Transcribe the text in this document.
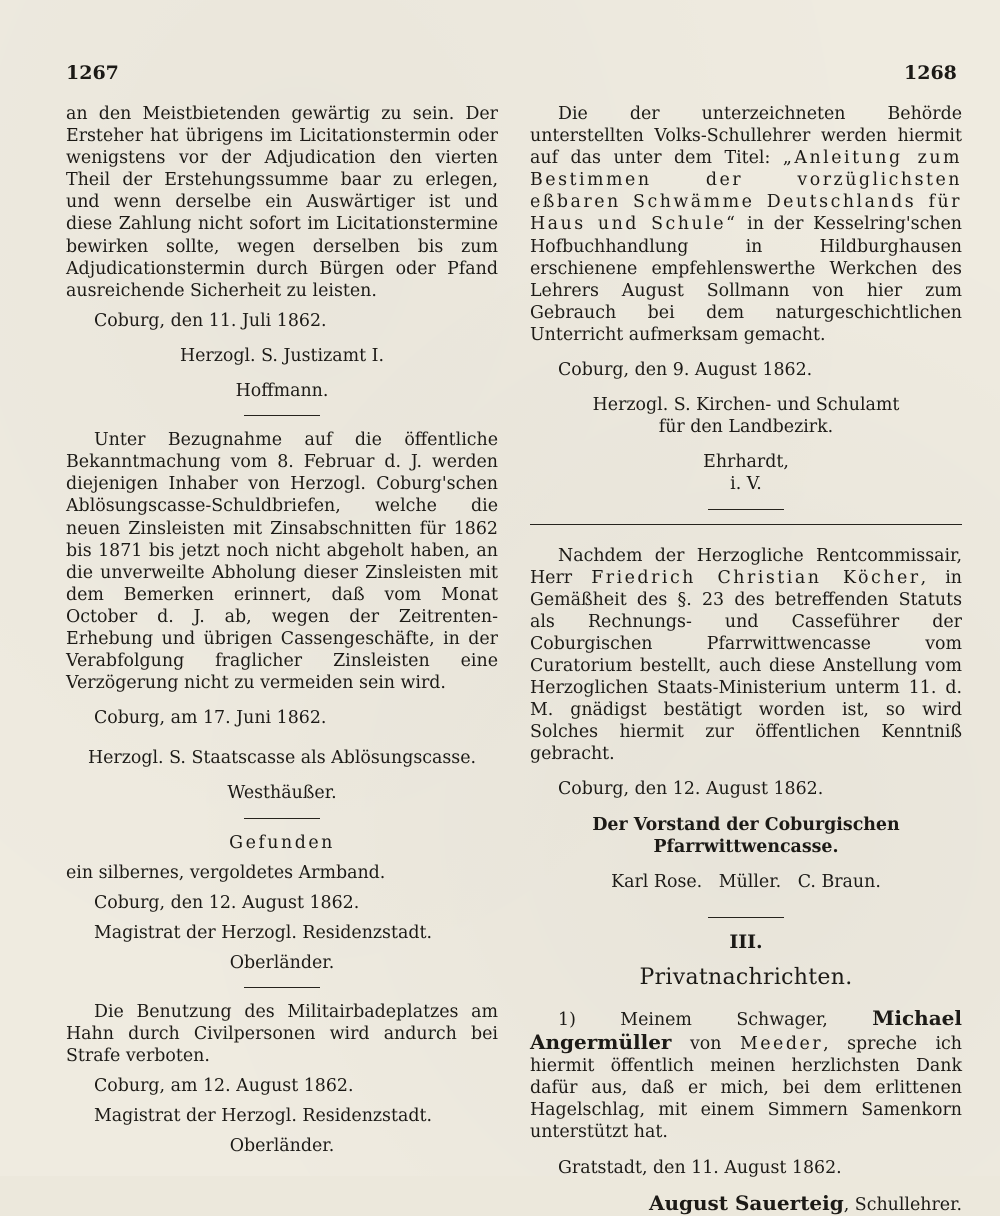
1267	1268

an den Meistbietenden gewärtig zu sein. Der Ersteher hat übrigens im Licitationstermin oder wenigstens vor der Adjudication den vierten Theil der Erstehungssumme baar zu erlegen, und wenn derselbe ein Auswärtiger ist und diese Zahlung nicht sofort im Licitationstermine bewirken sollte, wegen derselben bis zum Adjudicationstermin durch Bürgen oder Pfand ausreichende Sicherheit zu leisten.

Coburg, den 11. Juli 1862.

Herzogl. S. Justizamt I.

Hoffmann.

Unter Bezugnahme auf die öffentliche Bekanntmachung vom 8. Februar d. J. werden diejenigen Inhaber von Herzogl. Coburg'schen Ablösungscasse-Schuldbriefen, welche die neuen Zinsleisten mit Zinsabschnitten für 1862 bis 1871 bis jetzt noch nicht abgeholt haben, an die unverweilte Abholung dieser Zinsleisten mit dem Bemerken erinnert, daß vom Monat October d. J. ab, wegen der Zeitrenten-Erhebung und übrigen Cassengeschäfte, in der Verabfolgung fraglicher Zinsleisten eine Verzögerung nicht zu vermeiden sein wird.

Coburg, am 17. Juni 1862.

Herzogl. S. Staatscasse als Ablösungscasse.

Westhäußer.

Gefunden

ein silbernes, vergoldetes Armband.

Coburg, den 12. August 1862.

Magistrat der Herzogl. Residenzstadt.

Oberländer.

Die Benutzung des Militairbadeplatzes am Hahn durch Civilpersonen wird andurch bei Strafe verboten.

Coburg, am 12. August 1862.

Magistrat der Herzogl. Residenzstadt.

Oberländer.

Die der unterzeichneten Behörde unterstellten Volks-Schullehrer werden hiermit auf das unter dem Titel: „Anleitung zum Bestimmen der vorzüglichsten eßbaren Schwämme Deutschlands für Haus und Schule“ in der Kesselring'schen Hofbuchhandlung in Hildburghausen erschienene empfehlenswerthe Werkchen des Lehrers August Sollmann von hier zum Gebrauch bei dem naturgeschichtlichen Unterricht aufmerksam gemacht.

Coburg, den 9. August 1862.

Herzogl. S. Kirchen- und Schulamt

für den Landbezirk.

Ehrhardt,

i. V.

Nachdem der Herzogliche Rentcommissair, Herr Friedrich Christian Köcher, in Gemäßheit des §. 23 des betreffenden Statuts als Rechnungs- und Casseführer der Coburgischen Pfarrwittwencasse vom Curatorium bestellt, auch diese Anstellung vom Herzoglichen Staats-Ministerium unterm 11. d. M. gnädigst bestätigt worden ist, so wird Solches hiermit zur öffentlichen Kenntniß gebracht.

Coburg, den 12. August 1862.

Der Vorstand der Coburgischen Pfarrwittwencasse.

Karl Rose.   Müller.   C. Braun.

III.

Privatnachrichten.

1) Meinem Schwager, Michael Angermüller von Meeder, spreche ich hiermit öffentlich meinen herzlichsten Dank dafür aus, daß er mich, bei dem erlittenen Hagelschlag, mit einem Simmern Samenkorn unterstützt hat.

Gratstadt, den 11. August 1862.

August Sauerteig, Schullehrer.
